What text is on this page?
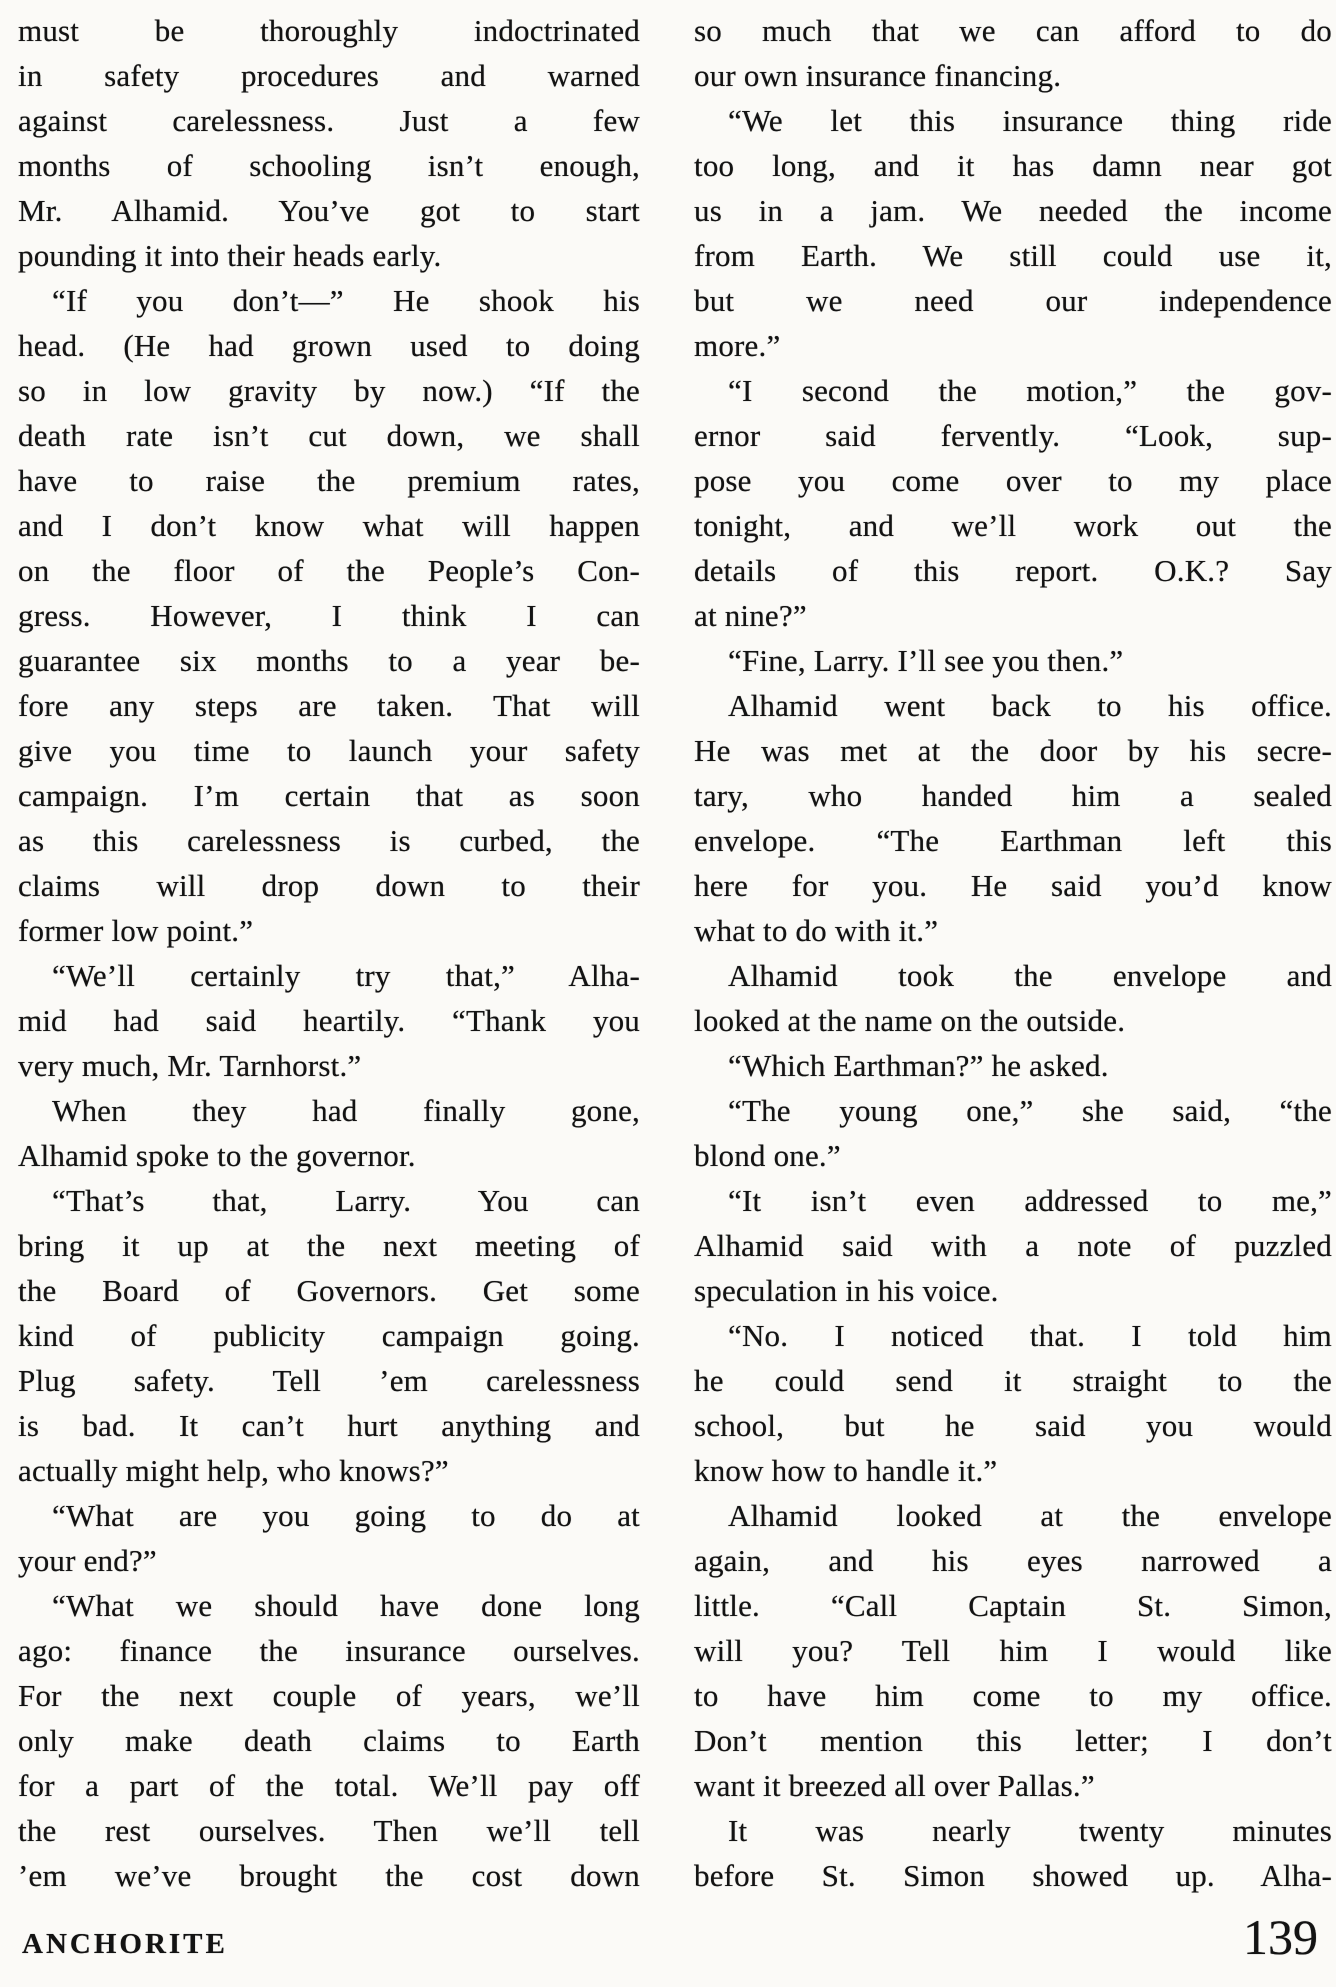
must be thoroughly indoctrinated
in safety procedures and warned
against carelessness. Just a few
months of schooling isn’t enough,
Mr. Alhamid. You’ve got to start
pounding it into their heads early.
“If you don’t—” He shook his
head. (He had grown used to doing
so in low gravity by now.) “If the
death rate isn’t cut down, we shall
have to raise the premium rates,
and I don’t know what will happen
on the floor of the People’s Con-
gress. However, I think I can
guarantee six months to a year be-
fore any steps are taken. That will
give you time to launch your safety
campaign. I’m certain that as soon
as this carelessness is curbed, the
claims will drop down to their
former low point.”
“We’ll certainly try that,” Alha-
mid had said heartily. “Thank you
very much, Mr. Tarnhorst.”
When they had finally gone,
Alhamid spoke to the governor.
“That’s that, Larry. You can
bring it up at the next meeting of
the Board of Governors. Get some
kind of publicity campaign going.
Plug safety. Tell ’em carelessness
is bad. It can’t hurt anything and
actually might help, who knows?”
“What are you going to do at
your end?”
“What we should have done long
ago: finance the insurance ourselves.
For the next couple of years, we’ll
only make death claims to Earth
for a part of the total. We’ll pay off
the rest ourselves. Then we’ll tell
’em we’ve brought the cost down
so much that we can afford to do
our own insurance financing.
“We let this insurance thing ride
too long, and it has damn near got
us in a jam. We needed the income
from Earth. We still could use it,
but we need our independence
more.”
“I second the motion,” the gov-
ernor said fervently. “Look, sup-
pose you come over to my place
tonight, and we’ll work out the
details of this report. O.K.? Say
at nine?”
“Fine, Larry. I’ll see you then.”
Alhamid went back to his office.
He was met at the door by his secre-
tary, who handed him a sealed
envelope. “The Earthman left this
here for you. He said you’d know
what to do with it.”
Alhamid took the envelope and
looked at the name on the outside.
“Which Earthman?” he asked.
“The young one,” she said, “the
blond one.”
“It isn’t even addressed to me,”
Alhamid said with a note of puzzled
speculation in his voice.
“No. I noticed that. I told him
he could send it straight to the
school, but he said you would
know how to handle it.”
Alhamid looked at the envelope
again, and his eyes narrowed a
little. “Call Captain St. Simon,
will you? Tell him I would like
to have him come to my office.
Don’t mention this letter; I don’t
want it breezed all over Pallas.”
It was nearly twenty minutes
before St. Simon showed up. Alha-
ANCHORITE	139
